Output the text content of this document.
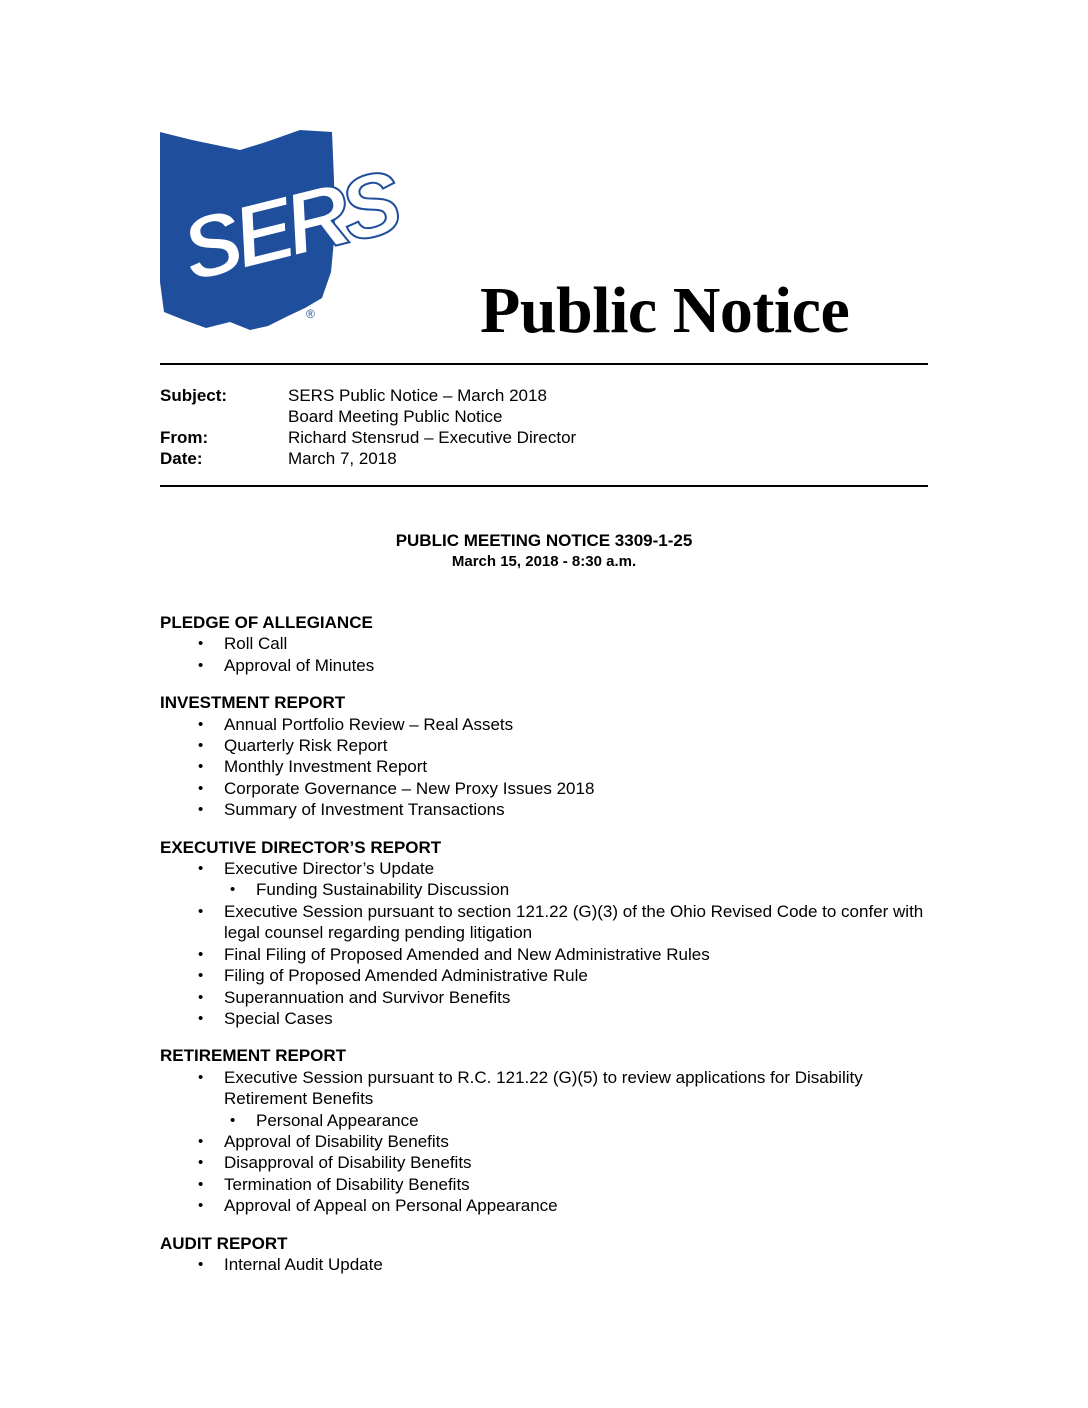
SERS
®	Public Notice
Subject:	SERS Public Notice – March 2018
Board Meeting Public Notice
From:	Richard Stensrud – Executive Director
Date:	March 7, 2018

PUBLIC MEETING NOTICE 3309-1-25

March 15, 2018 - 8:30 a.m.

PLEDGE OF ALLEGIANCE
• Roll Call
• Approval of Minutes
INVESTMENT REPORT
• Annual Portfolio Review – Real Assets
• Quarterly Risk Report
• Monthly Investment Report
• Corporate Governance – New Proxy Issues 2018
• Summary of Investment Transactions
EXECUTIVE DIRECTOR’S REPORT
• Executive Director’s Update
• Funding Sustainability Discussion
• Executive Session pursuant to section 121.22 (G)(3) of the Ohio Revised Code to confer with legal counsel regarding pending litigation
• Final Filing of Proposed Amended and New Administrative Rules
• Filing of Proposed Amended Administrative Rule
• Superannuation and Survivor Benefits
• Special Cases
RETIREMENT REPORT
• Executive Session pursuant to R.C. 121.22 (G)(5) to review applications for Disability Retirement Benefits
• Personal Appearance
• Approval of Disability Benefits
• Disapproval of Disability Benefits
• Termination of Disability Benefits
• Approval of Appeal on Personal Appearance
AUDIT REPORT
• Internal Audit Update
